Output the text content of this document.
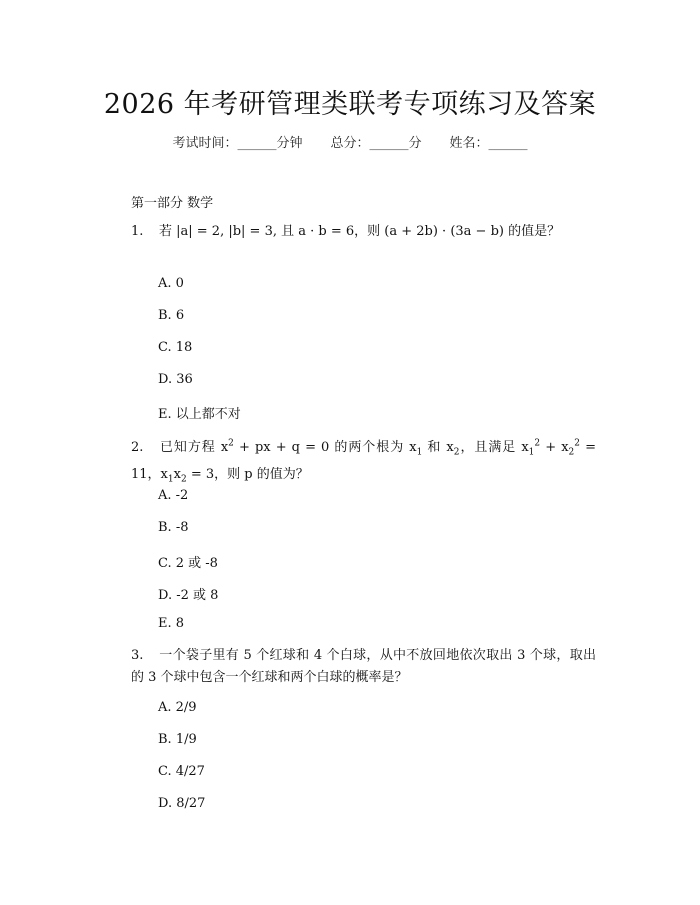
2026 年考研管理类联考专项练习及答案
考试时间：______分钟 总分：______分 姓名：______
第一部分 数学
1. 若 |a| = 2, |b| = 3, 且 a · b = 6，则 (a + 2b) · (3a − b) 的值是？
A. 0
B. 6
C. 18
D. 36
E. 以上都不对
2. 已知方程 $x^2$ + px + q = 0 的两个根为 $x_1$ 和 $x_2$，且满足 $x_1^2 + x_2^2 = 11$，$x_1x_2 = 3$，则 p 的值为？
A. -2
B. -8
C. 2 或 -8
D. -2 或 8
E. 8
3. 一个袋子里有 5 个红球和 4 个白球，从中不放回地依次取出 3 个球，取出的 3 个球中包含一个红球和两个白球的概率是？
A. 2/9
B. 1/9
C. 4/27
D. 8/27
